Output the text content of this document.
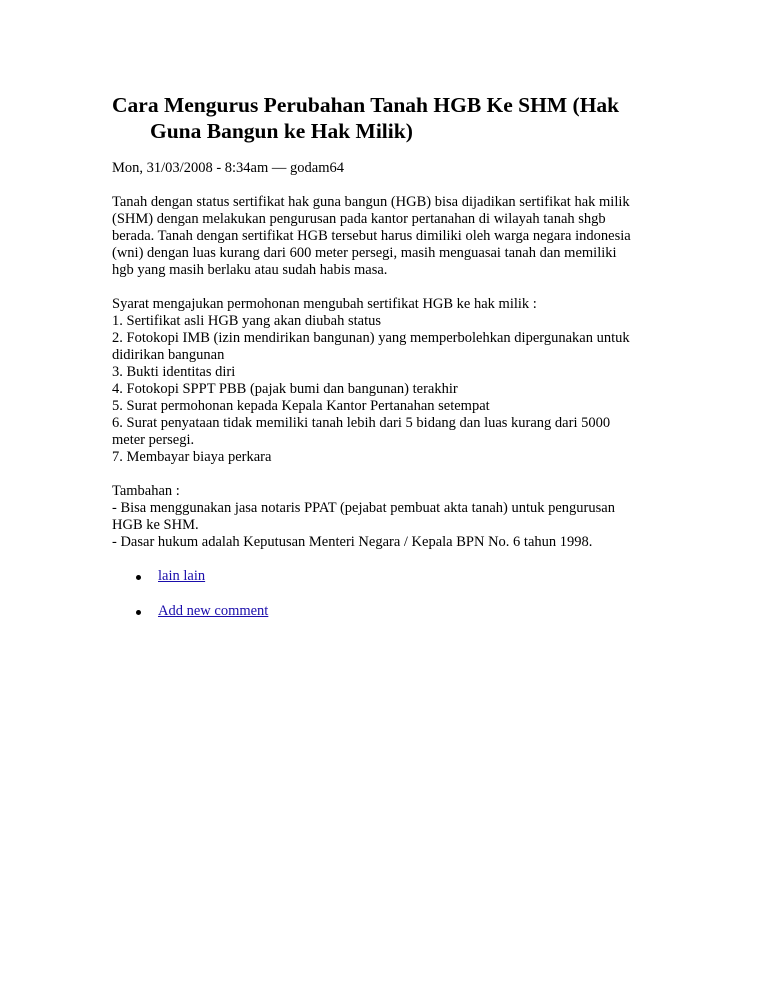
Cara Mengurus Perubahan Tanah HGB Ke SHM (Hak Guna Bangun ke Hak Milik)
Mon, 31/03/2008 - 8:34am — godam64
Tanah dengan status sertifikat hak guna bangun (HGB) bisa dijadikan sertifikat hak milik
(SHM) dengan melakukan pengurusan pada kantor pertanahan di wilayah tanah shgb
berada. Tanah dengan sertifikat HGB tersebut harus dimiliki oleh warga negara indonesia
(wni) dengan luas kurang dari 600 meter persegi, masih menguasai tanah dan memiliki
hgb yang masih berlaku atau sudah habis masa.
Syarat mengajukan permohonan mengubah sertifikat HGB ke hak milik :
1. Sertifikat asli HGB yang akan diubah status
2. Fotokopi IMB (izin mendirikan bangunan) yang memperbolehkan dipergunakan untuk
didirikan bangunan
3. Bukti identitas diri
4. Fotokopi SPPT PBB (pajak bumi dan bangunan) terakhir
5. Surat permohonan kepada Kepala Kantor Pertanahan setempat
6. Surat penyataan tidak memiliki tanah lebih dari 5 bidang dan luas kurang dari 5000
meter persegi.
7. Membayar biaya perkara
Tambahan :
- Bisa menggunakan jasa notaris PPAT (pejabat pembuat akta tanah) untuk pengurusan
HGB ke SHM.
- Dasar hukum adalah Keputusan Menteri Negara / Kepala BPN No. 6 tahun 1998.
lain lain
Add new comment
